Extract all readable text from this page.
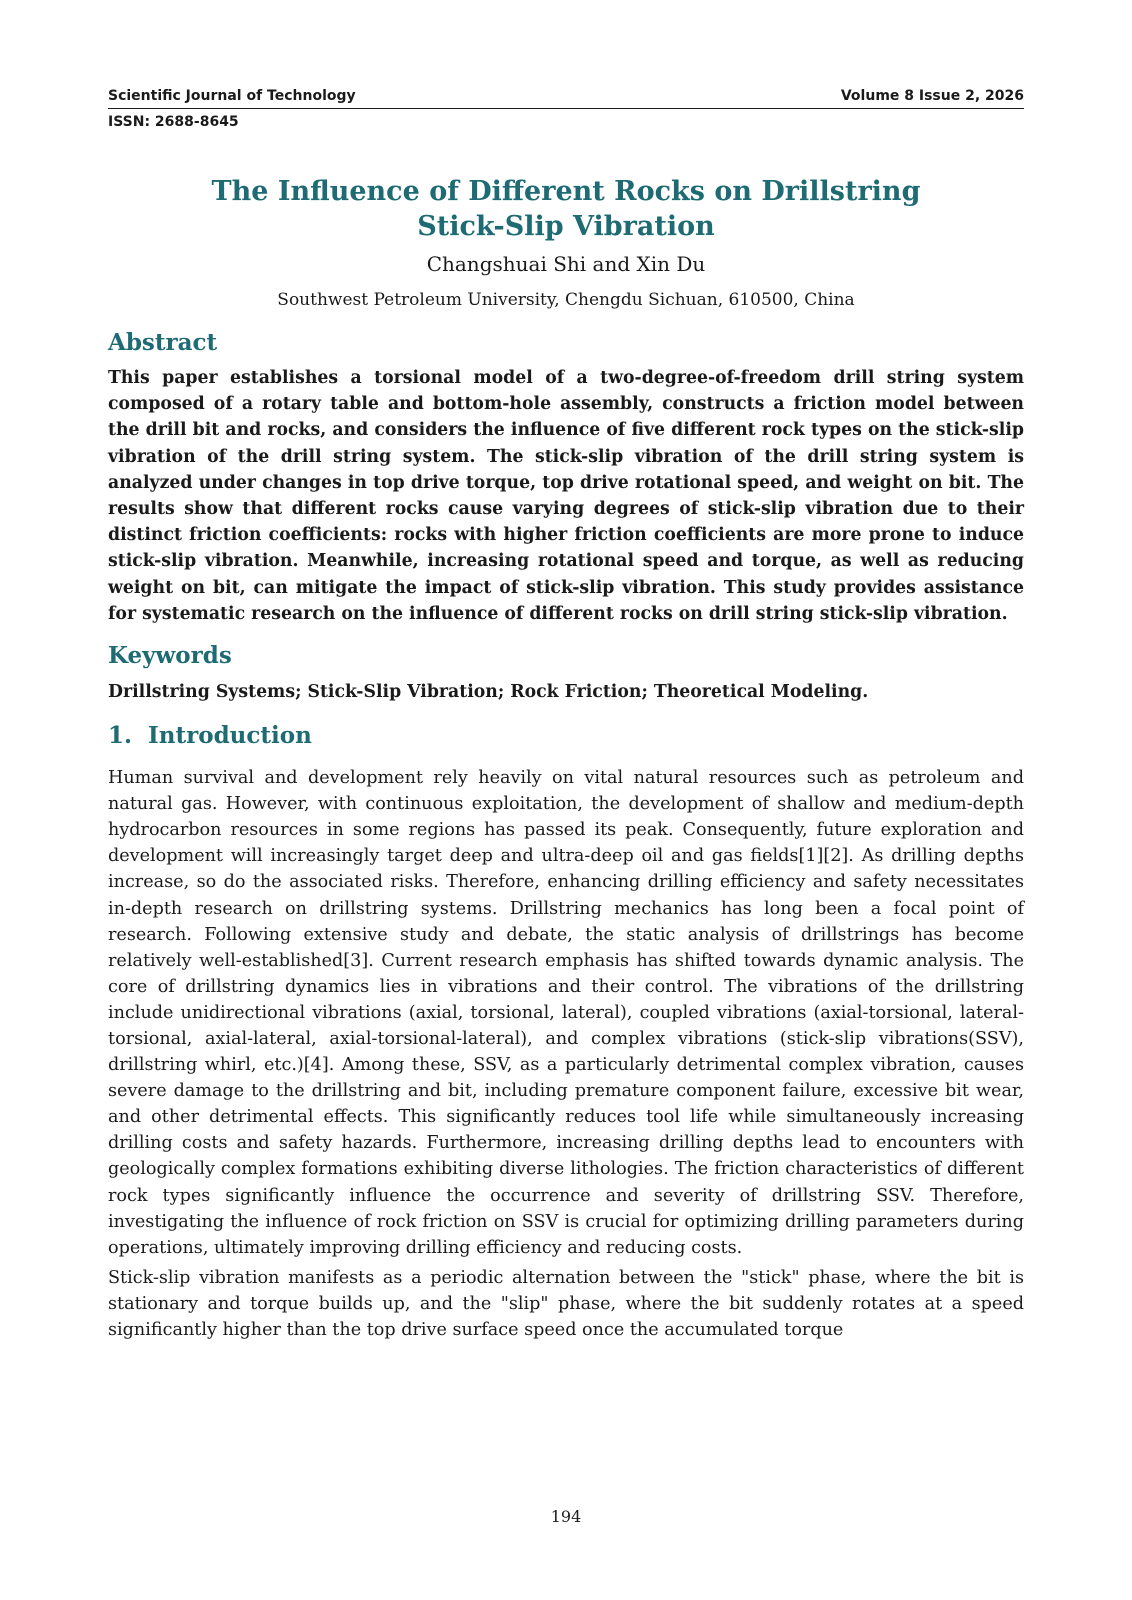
Scientific Journal of Technology	Volume 8 Issue 2, 2026
ISSN: 2688-8645
The Influence of Different Rocks on Drillstring Stick-Slip Vibration
Changshuai Shi and Xin Du
Southwest Petroleum University, Chengdu Sichuan, 610500, China
Abstract
This paper establishes a torsional model of a two-degree-of-freedom drill string system composed of a rotary table and bottom-hole assembly, constructs a friction model between the drill bit and rocks, and considers the influence of five different rock types on the stick-slip vibration of the drill string system. The stick-slip vibration of the drill string system is analyzed under changes in top drive torque, top drive rotational speed, and weight on bit. The results show that different rocks cause varying degrees of stick-slip vibration due to their distinct friction coefficients: rocks with higher friction coefficients are more prone to induce stick-slip vibration. Meanwhile, increasing rotational speed and torque, as well as reducing weight on bit, can mitigate the impact of stick-slip vibration. This study provides assistance for systematic research on the influence of different rocks on drill string stick-slip vibration.
Keywords
Drillstring Systems; Stick-Slip Vibration; Rock Friction; Theoretical Modeling.
1. Introduction
Human survival and development rely heavily on vital natural resources such as petroleum and natural gas. However, with continuous exploitation, the development of shallow and medium-depth hydrocarbon resources in some regions has passed its peak. Consequently, future exploration and development will increasingly target deep and ultra-deep oil and gas fields[1][2]. As drilling depths increase, so do the associated risks. Therefore, enhancing drilling efficiency and safety necessitates in-depth research on drillstring systems. Drillstring mechanics has long been a focal point of research. Following extensive study and debate, the static analysis of drillstrings has become relatively well-established[3]. Current research emphasis has shifted towards dynamic analysis. The core of drillstring dynamics lies in vibrations and their control. The vibrations of the drillstring include unidirectional vibrations (axial, torsional, lateral), coupled vibrations (axial-torsional, lateral-torsional, axial-lateral, axial-torsional-lateral), and complex vibrations (stick-slip vibrations(SSV), drillstring whirl, etc.)[4]. Among these, SSV, as a particularly detrimental complex vibration, causes severe damage to the drillstring and bit, including premature component failure, excessive bit wear, and other detrimental effects. This significantly reduces tool life while simultaneously increasing drilling costs and safety hazards. Furthermore, increasing drilling depths lead to encounters with geologically complex formations exhibiting diverse lithologies. The friction characteristics of different rock types significantly influence the occurrence and severity of drillstring SSV. Therefore, investigating the influence of rock friction on SSV is crucial for optimizing drilling parameters during operations, ultimately improving drilling efficiency and reducing costs.
Stick-slip vibration manifests as a periodic alternation between the "stick" phase, where the bit is stationary and torque builds up, and the "slip" phase, where the bit suddenly rotates at a speed significantly higher than the top drive surface speed once the accumulated torque
194
